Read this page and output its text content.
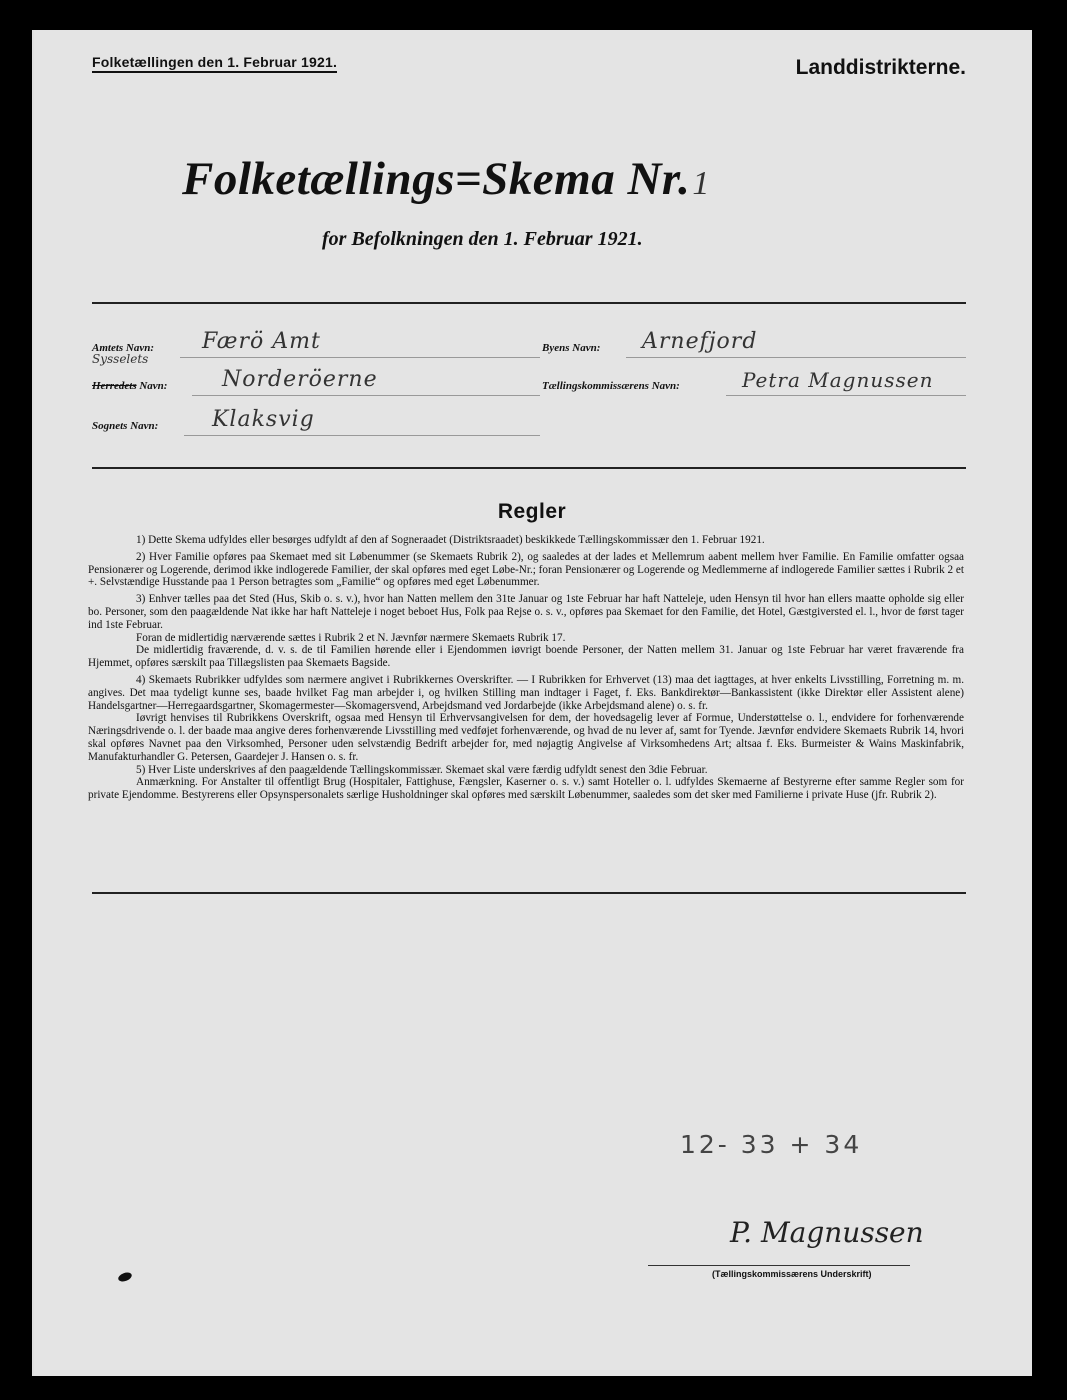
Folketællingen den 1. Februar 1921.	Landdistrikterne.
Folketællings=Skema Nr.1
for Befolkningen den 1. Februar 1921.
Amtets Navn: Færö Amt
Sysselets
Herredets Navn: Norderöerne
Sognets Navn: Klaksvig
Byens Navn: Arnefjord
Tællingskommissærens Navn:	Petra Magnussen
Regler

1) Dette Skema udfyldes eller besørges udfyldt af den af Sogneraadet (Distriktsraadet) beskikkede Tællingskommissær den 1. Februar 1921.

2) Hver Familie opføres paa Skemaet med sit Løbenummer (se Skemaets Rubrik 2), og saaledes at der lades et Mellemrum aabent mellem hver Familie. En Familie omfatter ogsaa Pensionærer og Logerende, derimod ikke indlogerede Familier, der skal opføres med eget Løbe-Nr.; foran Pensionærer og Logerende og Medlemmerne af indlogerede Familier sættes i Rubrik 2 et +. Selvstændige Husstande paa 1 Person betragtes som „Familie“ og opføres med eget Løbenummer.

3) Enhver tælles paa det Sted (Hus, Skib o. s. v.), hvor han Natten mellem den 31te Januar og 1ste Februar har haft Natteleje, uden Hensyn til hvor han ellers maatte opholde sig eller bo. Personer, som den paagældende Nat ikke har haft Natteleje i noget beboet Hus, Folk paa Rejse o. s. v., opføres paa Skemaet for den Familie, det Hotel, Gæstgiversted el. l., hvor de først tager ind 1ste Februar.

Foran de midlertidig nærværende sættes i Rubrik 2 et N. Jævnfør nærmere Skemaets Rubrik 17.

De midlertidig fraværende, d. v. s. de til Familien hørende eller i Ejendommen iøvrigt boende Personer, der Natten mellem 31. Januar og 1ste Februar har været fraværende fra Hjemmet, opføres særskilt paa Tillægslisten paa Skemaets Bagside.

4) Skemaets Rubrikker udfyldes som nærmere angivet i Rubrikkernes Overskrifter. — I Rubrikken for Erhvervet (13) maa det iagttages, at hver enkelts Livsstilling, Forretning m. m. angives. Det maa tydeligt kunne ses, baade hvilket Fag man arbejder i, og hvilken Stilling man indtager i Faget, f. Eks. Bankdirektør—Bankassistent (ikke Direktør eller Assistent alene) Handelsgartner—Herregaardsgartner, Skomagermester—Skomagersvend, Arbejdsmand ved Jordarbejde (ikke Arbejdsmand alene) o. s. fr.

Iøvrigt henvises til Rubrikkens Overskrift, ogsaa med Hensyn til Erhvervsangivelsen for dem, der hovedsagelig lever af Formue, Understøttelse o. l., endvidere for forhenværende Næringsdrivende o. l. der baade maa angive deres forhenværende Livsstilling med vedføjet forhenværende, og hvad de nu lever af, samt for Tyende. Jævnfør endvidere Skemaets Rubrik 14, hvori skal opføres Navnet paa den Virksomhed, Personer uden selvstændig Bedrift arbejder for, med nøjagtig Angivelse af Virksomhedens Art; altsaa f. Eks. Burmeister & Wains Maskinfabrik, Manufakturhandler G. Petersen, Gaardejer J. Hansen o. s. fr.

5) Hver Liste underskrives af den paagældende Tællingskommissær. Skemaet skal være færdig udfyldt senest den 3die Februar.

Anmærkning. For Anstalter til offentligt Brug (Hospitaler, Fattighuse, Fængsler, Kaserner o. s. v.) samt Hoteller o. l. udfyldes Skemaerne af Bestyrerne efter samme Regler som for private Ejendomme. Bestyrerens eller Opsynspersonalets særlige Husholdninger skal opføres med særskilt Løbenummer, saaledes som det sker med Familierne i private Huse (jfr. Rubrik 2).

12- 33 + 34
P. Magnussen
(Tællingskommissærens Underskrift)
